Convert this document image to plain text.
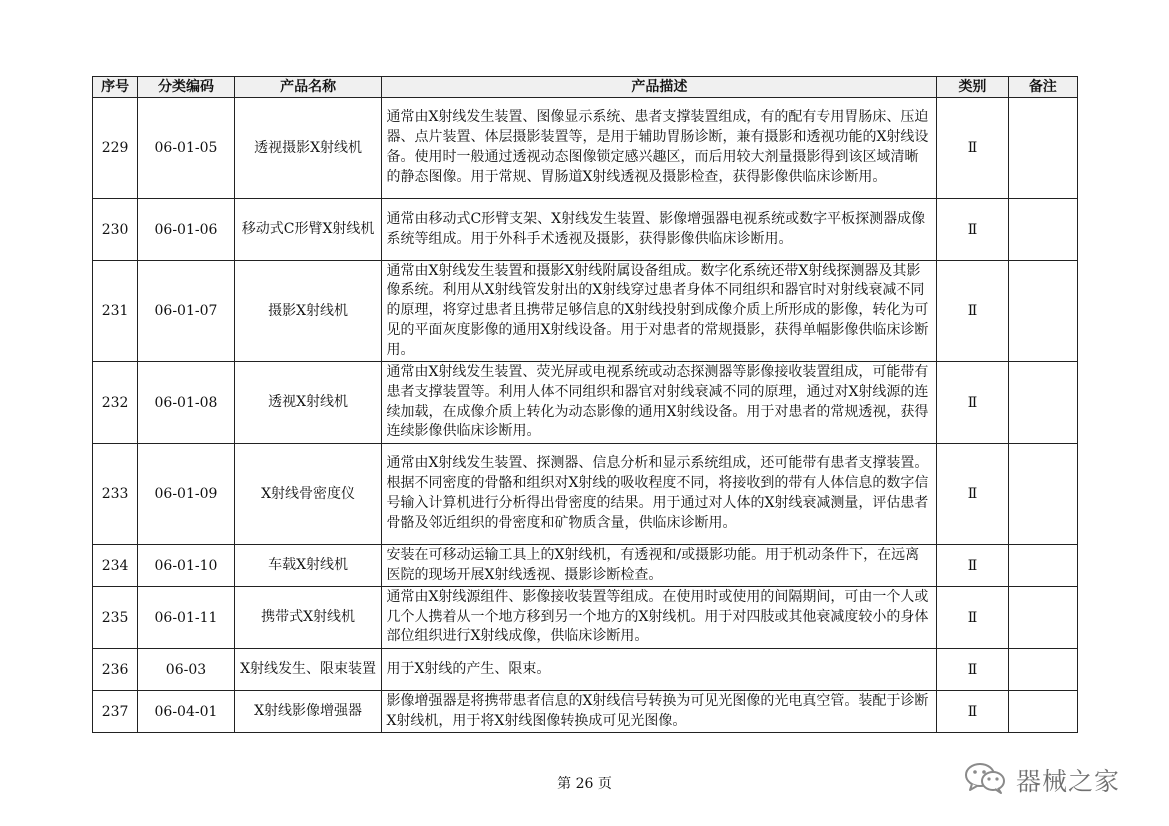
序号	分类编码	产品名称	产品描述	类别	备注
229	06-01-05	透视摄影X射线机	通常由X射线发生装置、图像显示系统、患者支撑装置组成，有的配有专用胃肠床、压迫器、点片装置、体层摄影装置等，是用于辅助胃肠诊断，兼有摄影和透视功能的X射线设备。使用时一般通过透视动态图像锁定感兴趣区，而后用较大剂量摄影得到该区域清晰的静态图像。用于常规、胃肠道X射线透视及摄影检查，获得影像供临床诊断用。	Ⅱ	
230	06-01-06	移动式C形臂X射线机	通常由移动式C形臂支架、X射线发生装置、影像增强器电视系统或数字平板探测器成像系统等组成。用于外科手术透视及摄影，获得影像供临床诊断用。	Ⅱ	
231	06-01-07	摄影X射线机	通常由X射线发生装置和摄影X射线附属设备组成。数字化系统还带X射线探测器及其影像系统。利用从X射线管发射出的X射线穿过患者身体不同组织和器官时对射线衰减不同的原理，将穿过患者且携带足够信息的X射线投射到成像介质上所形成的影像，转化为可见的平面灰度影像的通用X射线设备。用于对患者的常规摄影，获得单幅影像供临床诊断用。	Ⅱ	
232	06-01-08	透视X射线机	通常由X射线发生装置、荧光屏或电视系统或动态探测器等影像接收装置组成，可能带有患者支撑装置等。利用人体不同组织和器官对射线衰减不同的原理，通过对X射线源的连续加载，在成像介质上转化为动态影像的通用X射线设备。用于对患者的常规透视，获得连续影像供临床诊断用。	Ⅱ	
233	06-01-09	X射线骨密度仪	通常由X射线发生装置、探测器、信息分析和显示系统组成，还可能带有患者支撑装置。根据不同密度的骨骼和组织对X射线的吸收程度不同，将接收到的带有人体信息的数字信号输入计算机进行分析得出骨密度的结果。用于通过对人体的X射线衰减测量，评估患者骨骼及邻近组织的骨密度和矿物质含量，供临床诊断用。	Ⅱ	
234	06-01-10	车载X射线机	安装在可移动运输工具上的X射线机，有透视和/或摄影功能。用于机动条件下，在远离医院的现场开展X射线透视、摄影诊断检查。	Ⅱ	
235	06-01-11	携带式X射线机	通常由X射线源组件、影像接收装置等组成。在使用时或使用的间隔期间，可由一个人或几个人携着从一个地方移到另一个地方的X射线机。用于对四肢或其他衰减度较小的身体部位组织进行X射线成像，供临床诊断用。	Ⅱ	
236	06-03	X射线发生、限束装置	用于X射线的产生、限束。	Ⅱ	
237	06-04-01	X射线影像增强器	影像增强器是将携带患者信息的X射线信号转换为可见光图像的光电真空管。装配于诊断X射线机，用于将X射线图像转换成可见光图像。	Ⅱ	
第 26 页	器械之家
